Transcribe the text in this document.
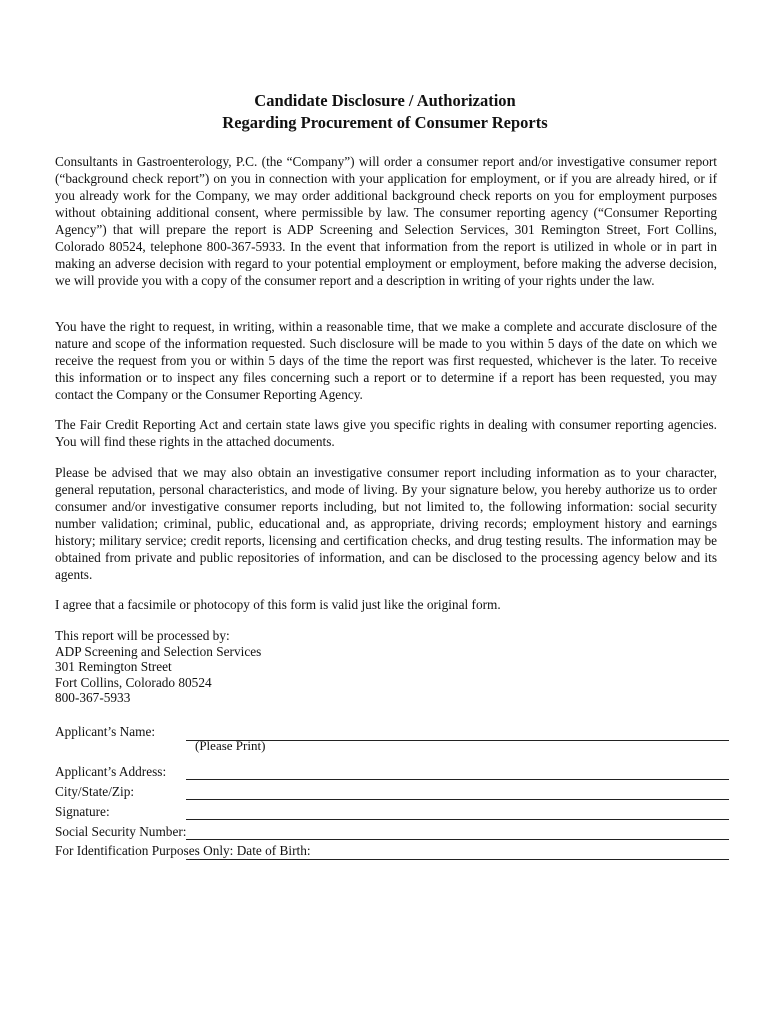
Candidate Disclosure / Authorization
Regarding Procurement of Consumer Reports
Consultants in Gastroenterology, P.C. (the “Company”) will order a consumer report and/or investigative consumer report (“background check report”) on you in connection with your application for employment, or if you are already hired, or if you already work for the Company, we may order additional background check reports on you for employment purposes without obtaining additional consent, where permissible by law. The consumer reporting agency (“Consumer Reporting Agency”) that will prepare the report is ADP Screening and Selection Services, 301 Remington Street, Fort Collins, Colorado 80524, telephone 800-367-5933. In the event that information from the report is utilized in whole or in part in making an adverse decision with regard to your potential employment or employment, before making the adverse decision, we will provide you with a copy of the consumer report and a description in writing of your rights under the law.
You have the right to request, in writing, within a reasonable time, that we make a complete and accurate disclosure of the nature and scope of the information requested. Such disclosure will be made to you within 5 days of the date on which we receive the request from you or within 5 days of the time the report was first requested, whichever is the later. To receive this information or to inspect any files concerning such a report or to determine if a report has been requested, you may contact the Company or the Consumer Reporting Agency.
The Fair Credit Reporting Act and certain state laws give you specific rights in dealing with consumer reporting agencies. You will find these rights in the attached documents.
Please be advised that we may also obtain an investigative consumer report including information as to your character, general reputation, personal characteristics, and mode of living. By your signature below, you hereby authorize us to order consumer and/or investigative consumer reports including, but not limited to, the following information: social security number validation; criminal, public, educational and, as appropriate, driving records; employment history and earnings history; military service; credit reports, licensing and certification checks, and drug testing results. The information may be obtained from private and public repositories of information, and can be disclosed to the processing agency below and its agents.
I agree that a facsimile or photocopy of this form is valid just like the original form.
This report will be processed by:
ADP Screening and Selection Services
301 Remington Street
Fort Collins, Colorado 80524
800-367-5933
Applicant’s Name:
(Please Print)
Applicant’s Address:
City/State/Zip:
Signature:
Social Security Number:
For Identification Purposes Only: Date of Birth:
